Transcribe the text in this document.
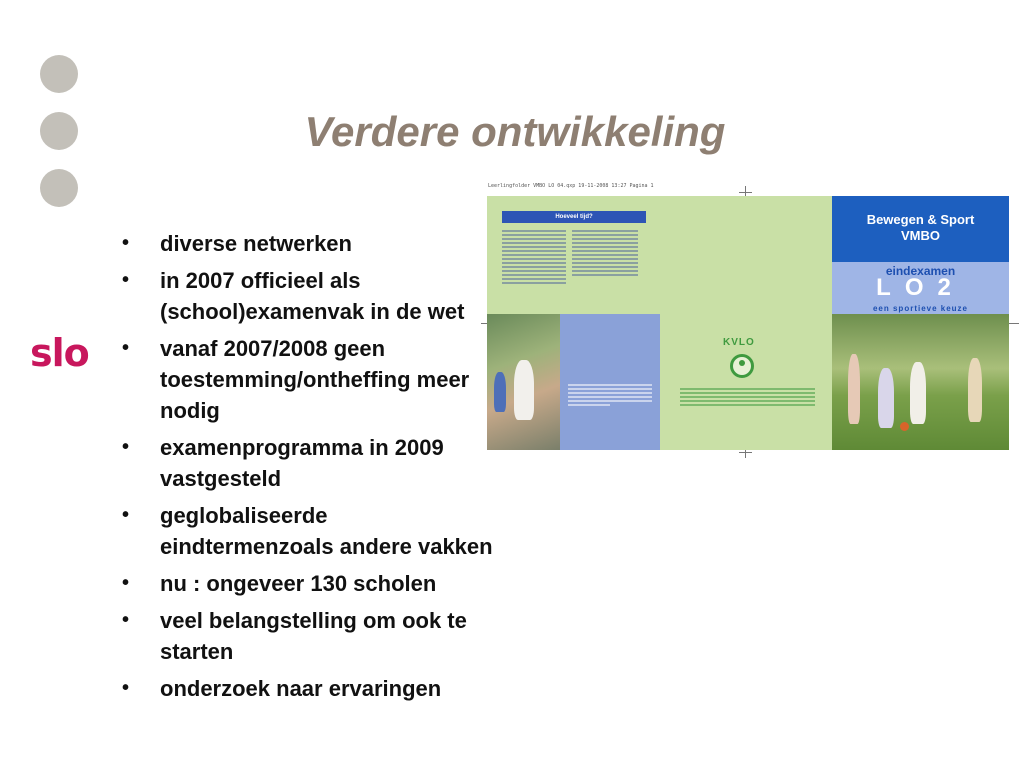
slo
Verdere ontwikkeling
• diverse netwerken
• in 2007 officieel als (school)examenvak in de wet
• vanaf 2007/2008 geen toestemming/ontheffing meer nodig
• examenprogramma in 2009 vastgesteld
• geglobaliseerde eindtermenzoals andere vakken
• nu : ongeveer 130 scholen
• veel belangstelling om ook te starten
• onderzoek naar ervaringen
Leerlingfolder VMBO LO 04.qxp 19-11-2008 13:27 Pagina 1
Hoeveel tijd?
KVLO
Bewegen & Sport
VMBO
eindexamen
LO2
een sportieve keuze
